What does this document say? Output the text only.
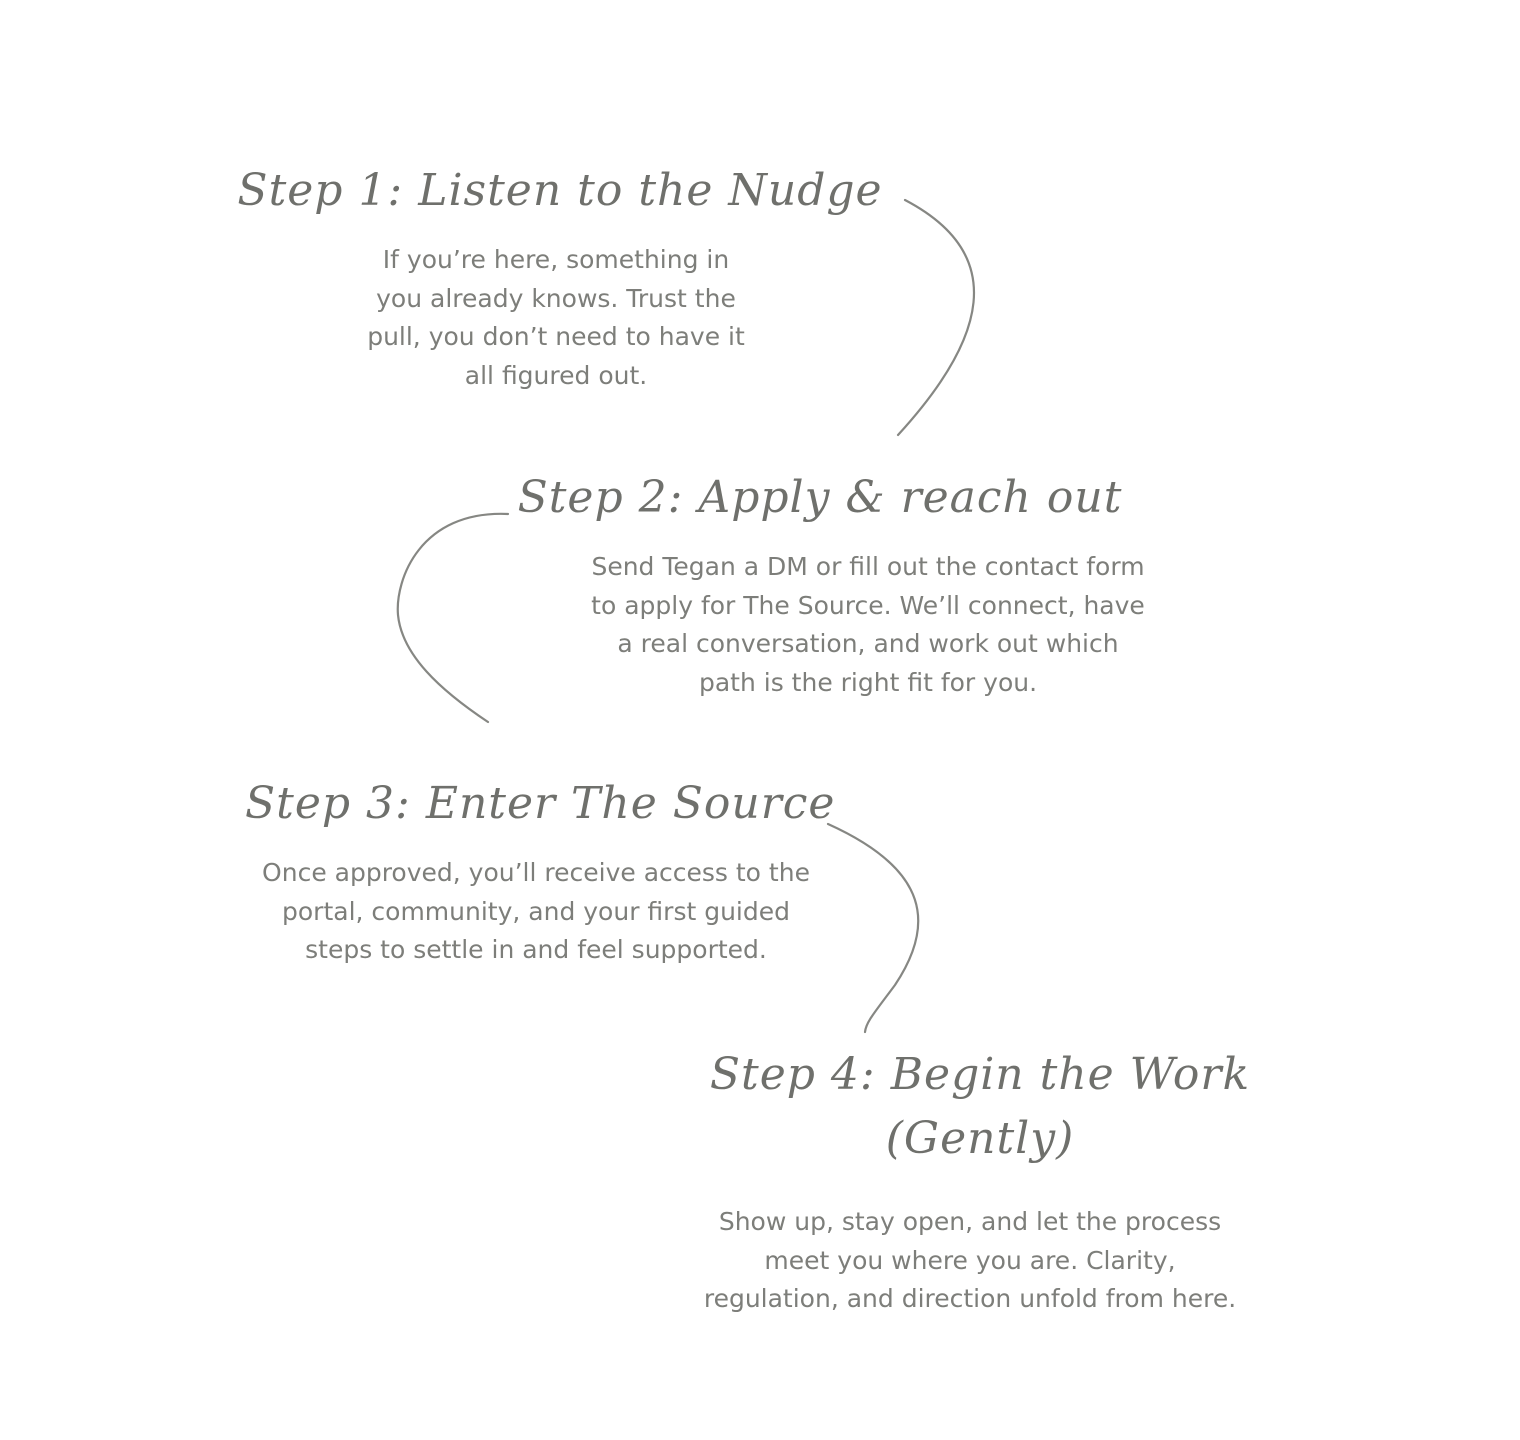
Step 1: Listen to the Nudge

If you’re here, something in
you already knows. Trust the
pull, you don’t need to have it
all figured out.

Step 2: Apply & reach out

Send Tegan a DM or fill out the contact form
to apply for The Source. We’ll connect, have
a real conversation, and work out which
path is the right fit for you.

Step 3: Enter The Source

Once approved, you’ll receive access to the
portal, community, and your first guided
steps to settle in and feel supported.

Step 4: Begin the Work
(Gently)

Show up, stay open, and let the process
meet you where you are. Clarity,
regulation, and direction unfold from here.
